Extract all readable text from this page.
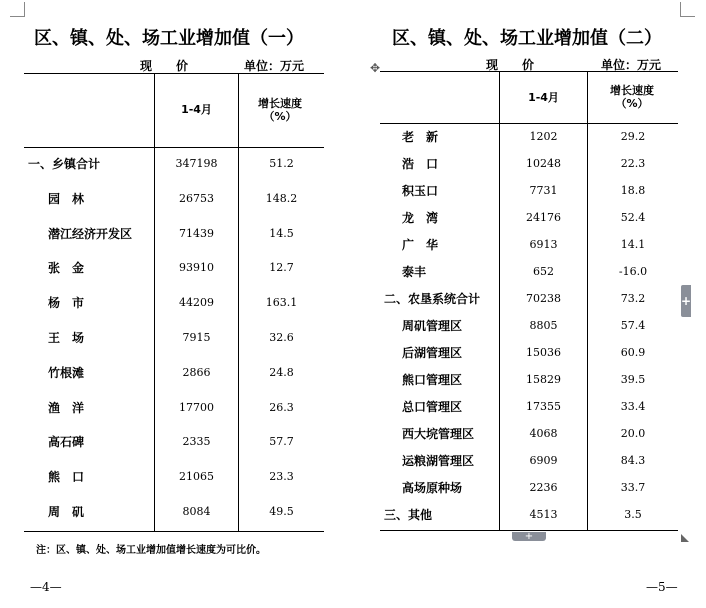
区、镇、处、场工业增加值（一）
现　　价	单位：万元
1-4月	增长速度（%）
一、乡镇合计	347198	51.2
园　林	26753	148.2
潜江经济开发区	71439	14.5
张　金	93910	12.7
杨　市	44209	163.1
王　场	7915	32.6
竹根滩	2866	24.8
渔　洋	17700	26.3
高石碑	2335	57.7
熊　口	21065	23.3
周　矶	8084	49.5
注：区、镇、处、场工业增加值增长速度为可比价。
—4—
区、镇、处、场工业增加值（二）
✥	现　　价	单位：万元
1-4月
增长速度（%）
老　新	1202	29.2
浩　口	10248	22.3
积玉口	7731	18.8
龙　湾	24176	52.4
广　华	6913	14.1
泰丰	652	-16.0
二、农垦系统合计	70238	73.2
周矶管理区	8805	57.4
后湖管理区	15036	60.9
熊口管理区	15829	39.5
总口管理区	17355	33.4
西大垸管理区	4068	20.0
运粮湖管理区	6909	84.3
高场原种场	2236	33.7
三、其他	4513	3.5
—5—
+
+
